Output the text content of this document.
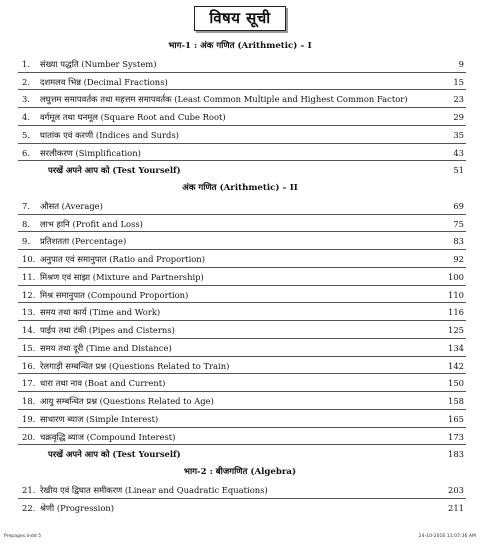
विषय सूची
भाग-1 : अंक गणित (Arithmetic) – I
1. संख्या पद्धति (Number System)	9
2. दशमलव भिन्न (Decimal Fractions)	15
3. लघुत्तम समापवर्तक तथा महत्तम समापवर्तक (Least Common Multiple and Highest Common Factor)	23
4. वर्गमूल तथा घनमूल (Square Root and Cube Root)	29
5. घातांक एवं करणी (Indices and Surds)	35
6. सरलीकरण (Simplification)	43
परखें अपने आप को (Test Yourself)	51
अंक गणित (Arithmetic) – II
7. औसत (Average)	69
8. लाभ हानि (Profit and Loss)	75
9. प्रतिशतता (Percentage)	83
10. अनुपात एवं समानुपात (Ratio and Proportion)	92
11. मिश्रण एवं साझा (Mixture and Partnership)	100
12. मिश्र समानुपात (Compound Proportion)	110
13. समय तथा कार्य (Time and Work)	116
14. पाईप तथा टंकी (Pipes and Cisterns)	125
15. समय तथा दूरी (Time and Distance)	134
16. रेलगाड़ी सम्बन्धित प्रश्न (Questions Related to Train)	142
17. धारा तथा नाव (Boat and Current)	150
18. आयु सम्बन्धित प्रश्न (Questions Related to Age)	158
19. साधारण ब्याज (Simple Interest)	165
20. चक्रवृद्धि ब्याज (Compound Interest)	173
परखें अपने आप को (Test Yourself)	183
भाग-2 : बीजगणित (Algebra)
21. रेखीय एवं द्विघात समीकरण (Linear and Quadratic Equations)	203
22. श्रेणी (Progression)	211
Prepages.indd 5	24-10-2016 11:07:36 AM
